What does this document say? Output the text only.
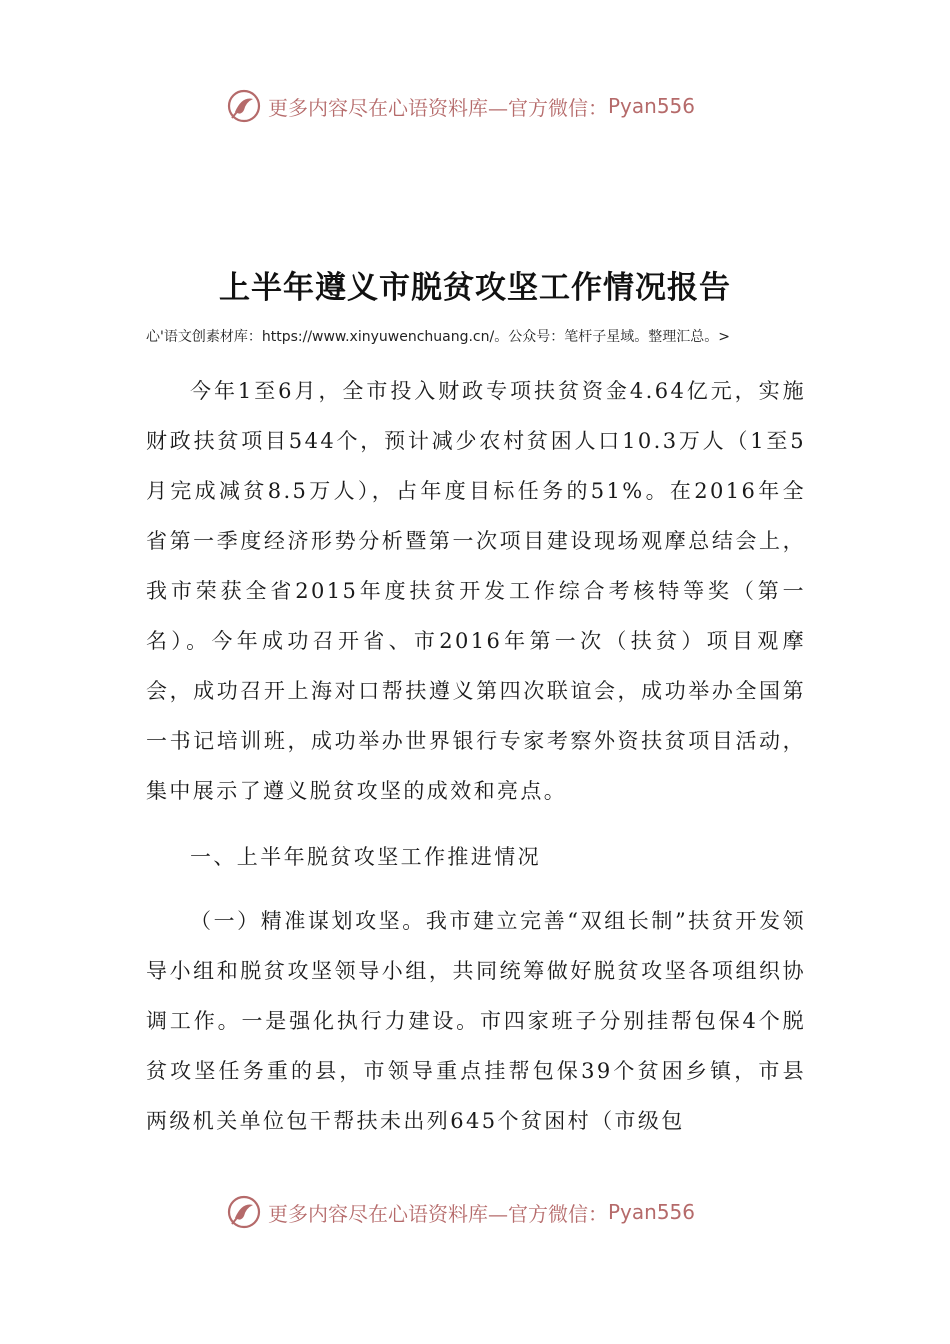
更多内容尽在心语资料库—官方微信： Pyan556
上半年遵义市脱贫攻坚工作情况报告
心'语文创素材库：https://www.xinyuwenchuang.cn/。公众号：笔杆子星域。整理汇总。>

今年1至6月，全市投入财政专项扶贫资金4.64亿元，实施财政扶贫项目544个，预计减少农村贫困人口10.3万人（1至5月完成减贫8.5万人），占年度目标任务的51%。在2016年全省第一季度经济形势分析暨第一次项目建设现场观摩总结会上，我市荣获全省2015年度扶贫开发工作综合考核特等奖（第一名）。今年成功召开省、市2016年第一次（扶贫）项目观摩会，成功召开上海对口帮扶遵义第四次联谊会，成功举办全国第一书记培训班，成功举办世界银行专家考察外资扶贫项目活动，集中展示了遵义脱贫攻坚的成效和亮点。

一、上半年脱贫攻坚工作推进情况

（一）精准谋划攻坚。我市建立完善“双组长制”扶贫开发领导小组和脱贫攻坚领导小组，共同统筹做好脱贫攻坚各项组织协调工作。一是强化执行力建设。市四家班子分别挂帮包保4个脱贫攻坚任务重的县，市领导重点挂帮包保39个贫困乡镇，市县两级机关单位包干帮扶未出列645个贫困村（市级包

更多内容尽在心语资料库—官方微信： Pyan556
